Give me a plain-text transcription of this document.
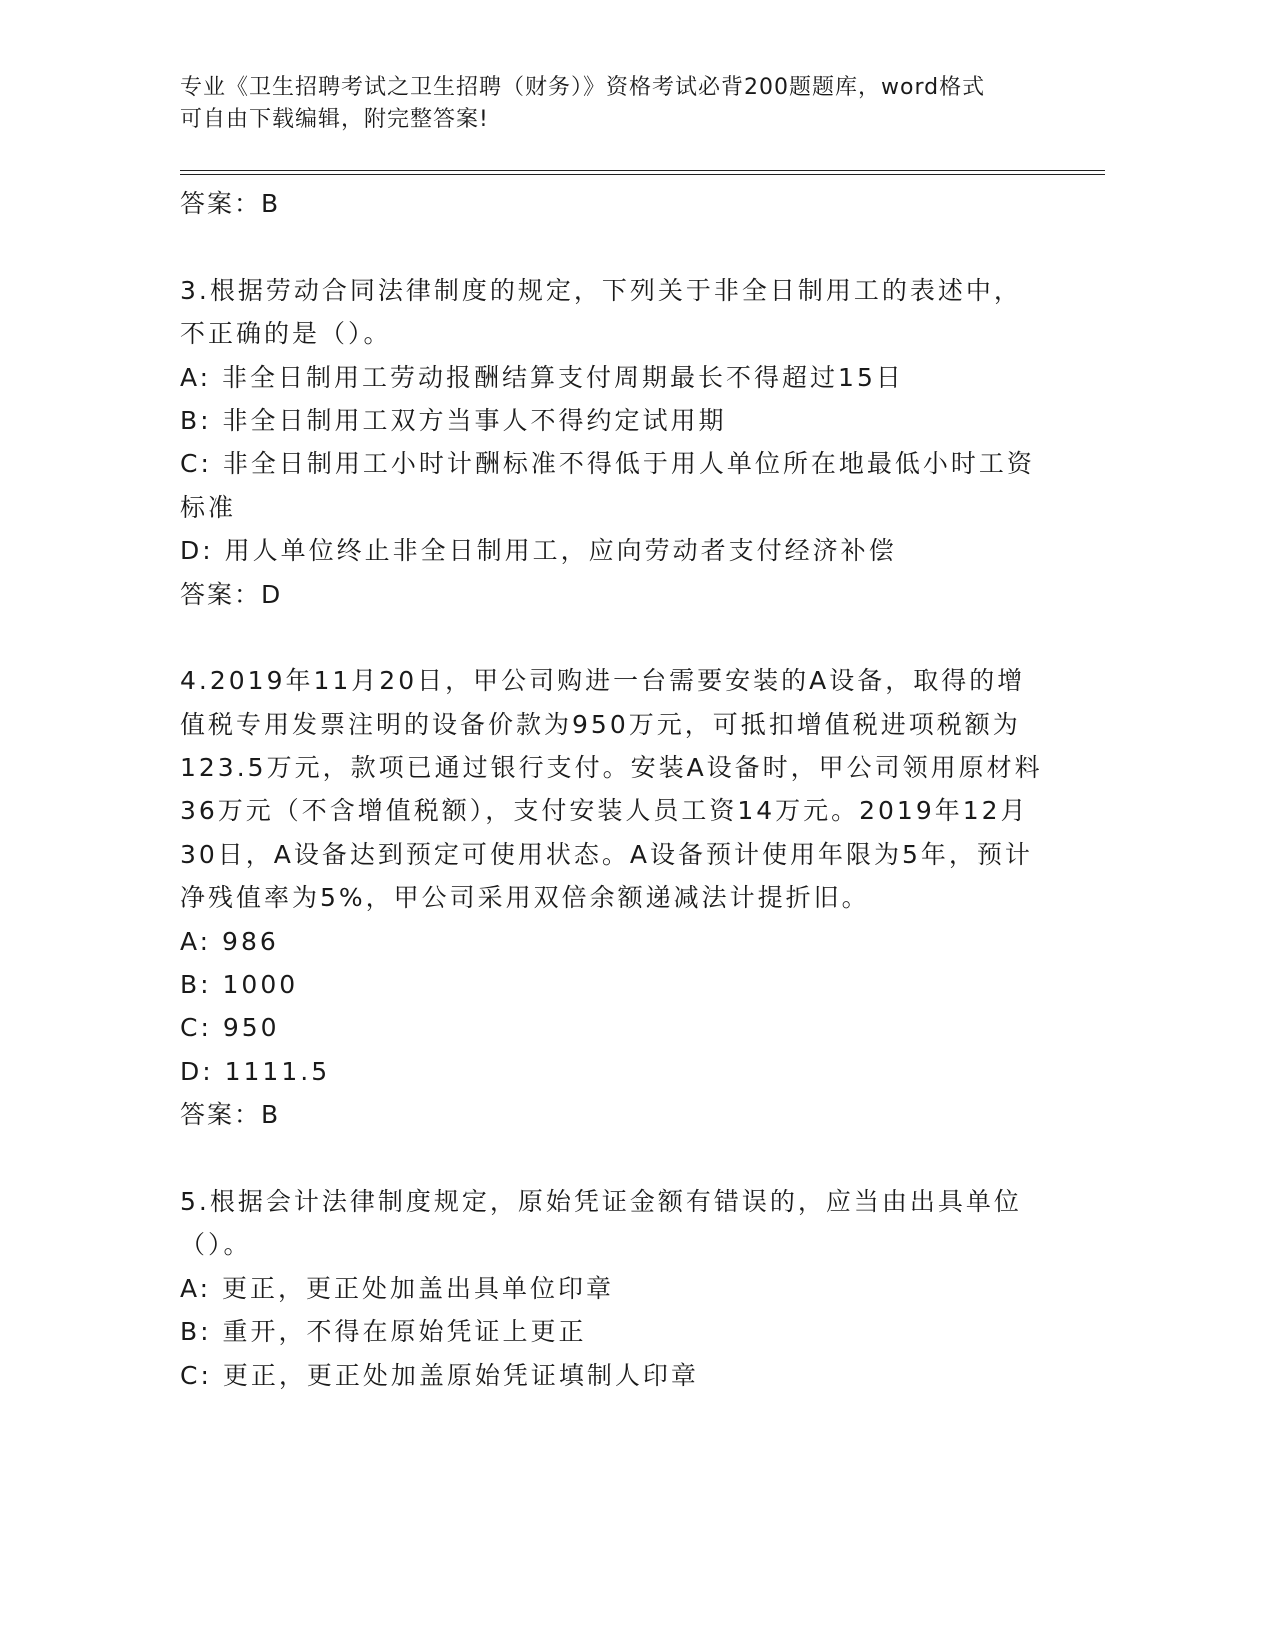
专业《卫生招聘考试之卫生招聘（财务）》资格考试必背200题题库，word格式
可自由下载编辑，附完整答案!
答案：B
3.根据劳动合同法律制度的规定，下列关于非全日制用工的表述中，
不正确的是（）。
A: 非全日制用工劳动报酬结算支付周期最长不得超过15日
B: 非全日制用工双方当事人不得约定试用期
C: 非全日制用工小时计酬标准不得低于用人单位所在地最低小时工资
标准
D: 用人单位终止非全日制用工，应向劳动者支付经济补偿
答案：D
4.2019年11月20日，甲公司购进一台需要安装的A设备，取得的增
值税专用发票注明的设备价款为950万元，可抵扣增值税进项税额为
123.5万元，款项已通过银行支付。安装A设备时，甲公司领用原材料
36万元（不含增值税额），支付安装人员工资14万元。2019年12月
30日，A设备达到预定可使用状态。A设备预计使用年限为5年，预计
净残值率为5%，甲公司采用双倍余额递减法计提折旧。
A: 986
B: 1000
C: 950
D: 1111.5
答案：B
5.根据会计法律制度规定，原始凭证金额有错误的，应当由出具单位
（）。
A: 更正，更正处加盖出具单位印章
B: 重开，不得在原始凭证上更正
C: 更正，更正处加盖原始凭证填制人印章
